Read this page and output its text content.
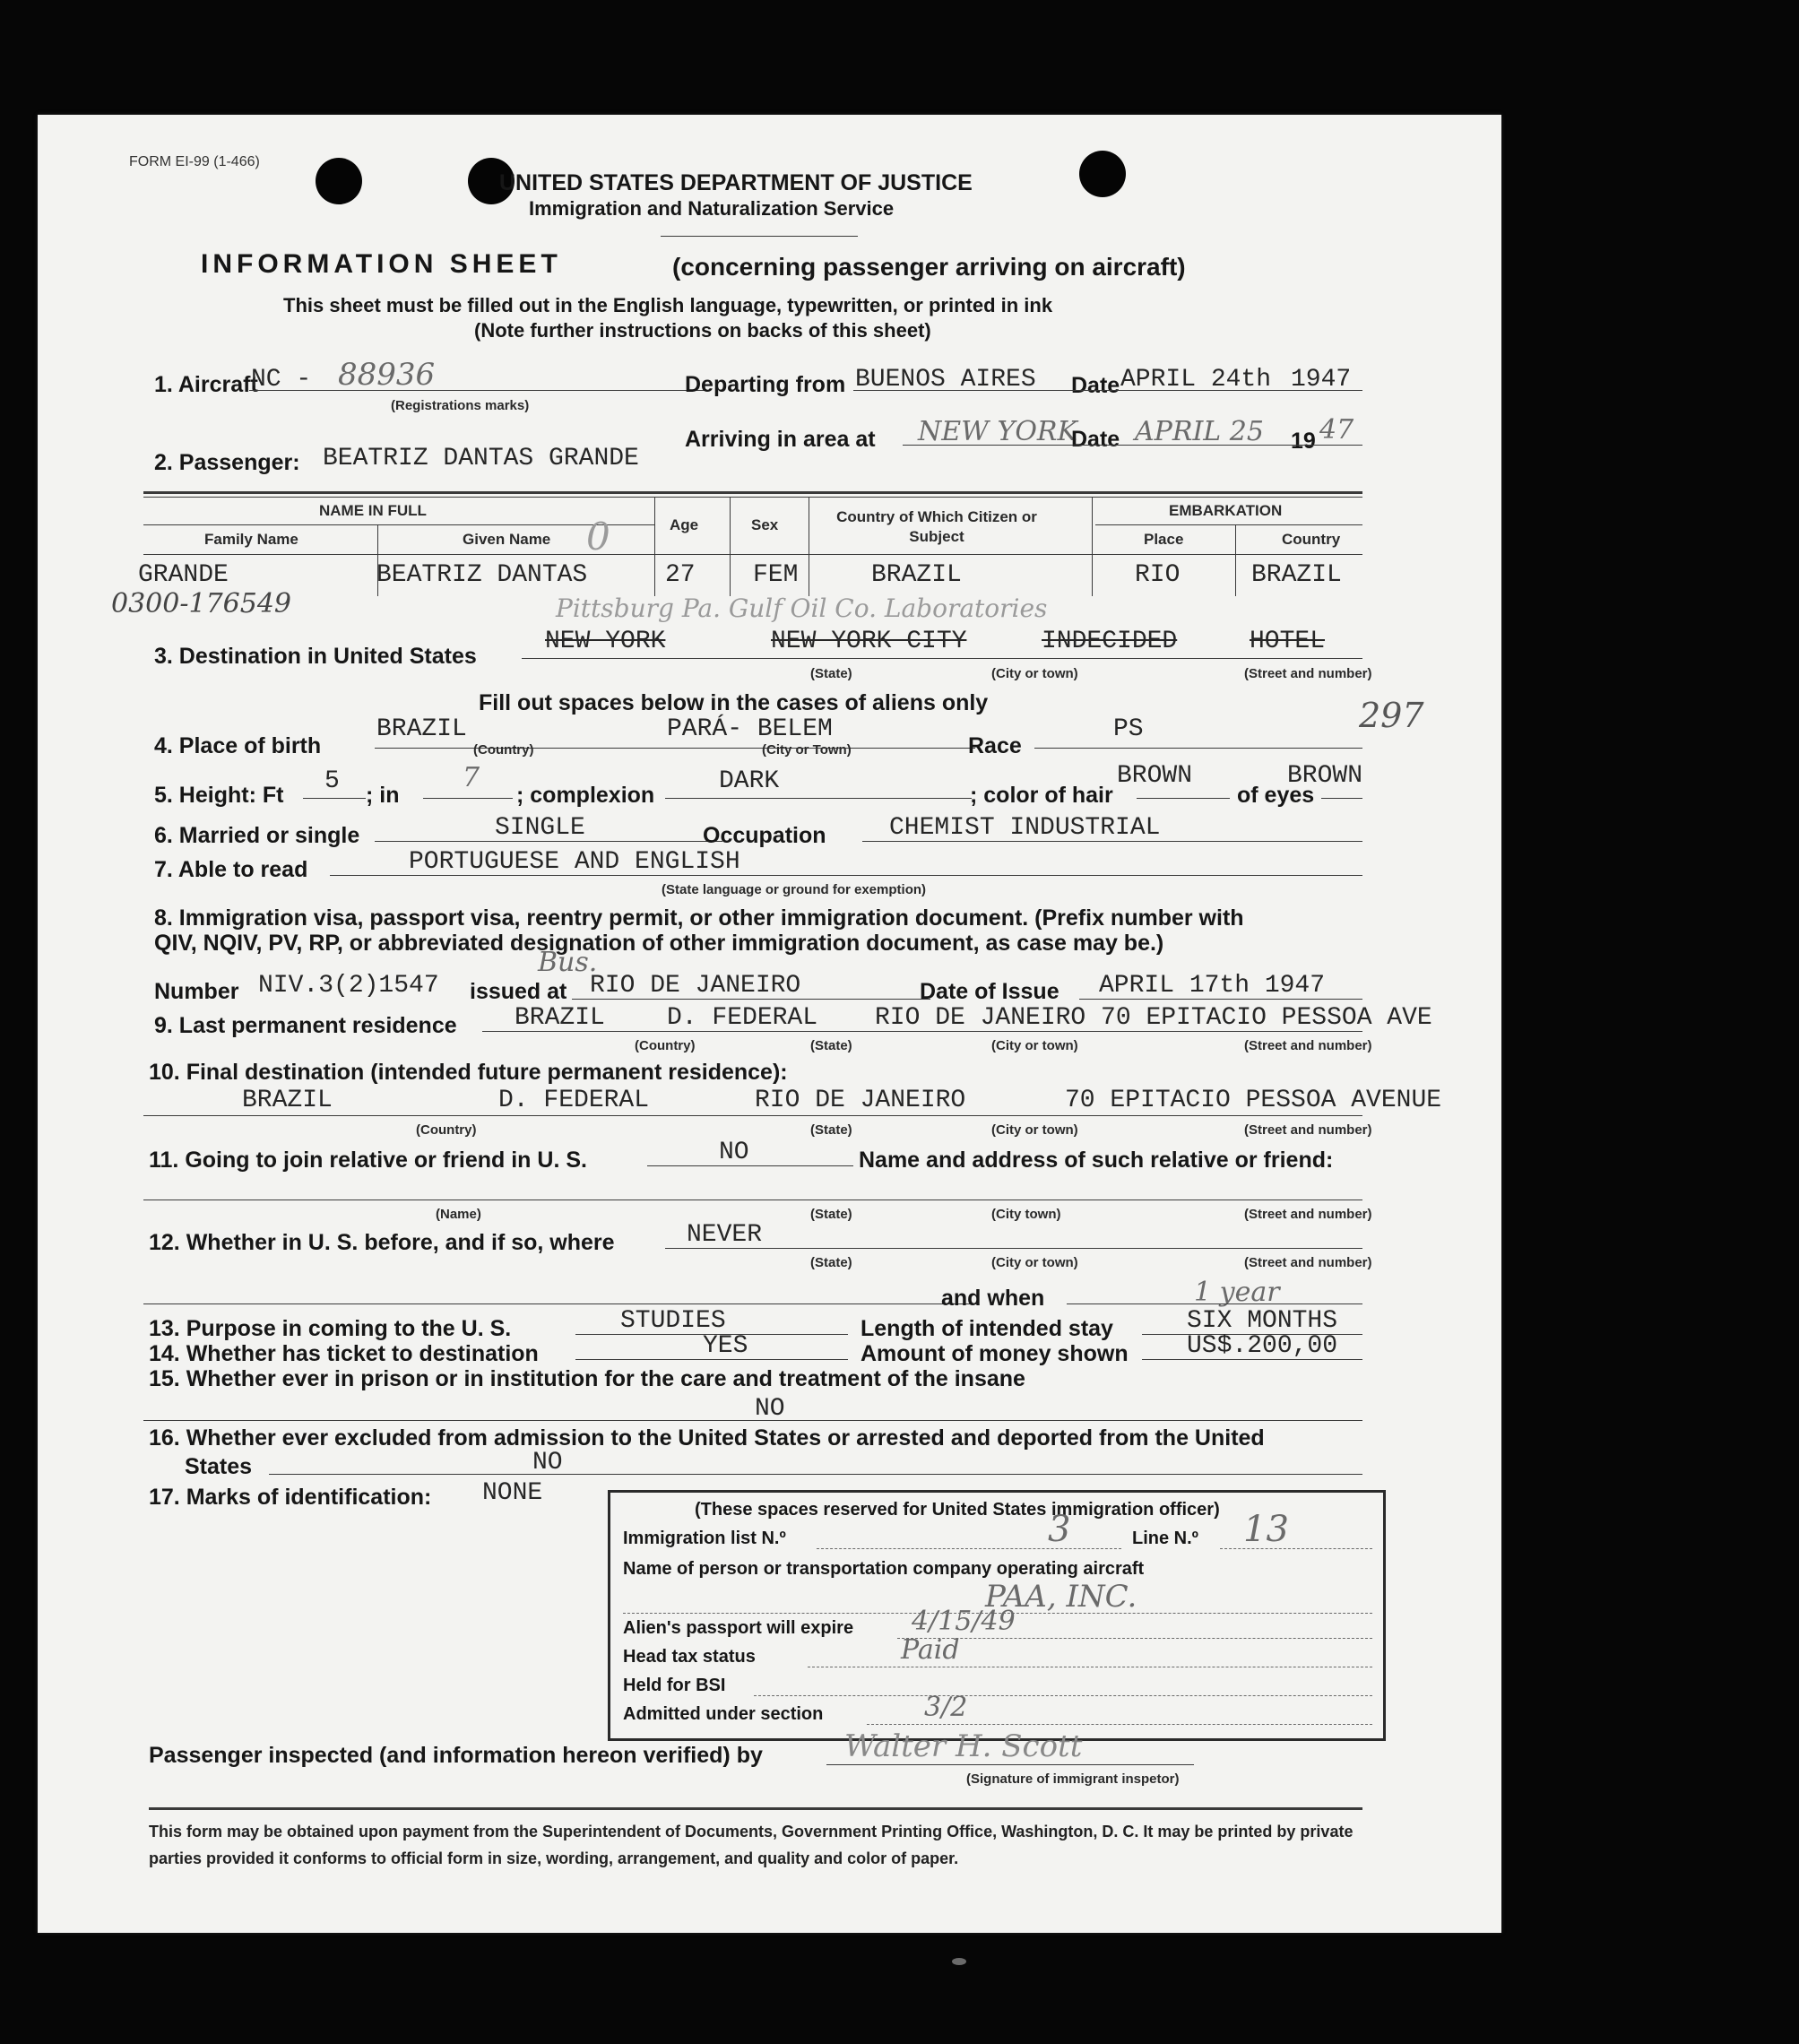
FORM EI-99 (1-466)
UNITED STATES DEPARTMENT OF JUSTICE
Immigration and Naturalization Service
INFORMATION SHEET	(concerning passenger arriving on aircraft)
This sheet must be filled out in the English language, typewritten, or printed in ink
(Note further instructions on backs of this sheet)
1. Aircraft
NC - 88936
(Registrations marks)
Departing from BUENOS AIRES Date APRIL 24th 1947
Arriving in area at NEW YORK
Date APRIL 25 19 47
2. Passenger: BEATRIZ DANTAS GRANDE
NAME IN FULL	EMBARKATION
Age	Sex	Country of Which Citizen or Subject
Family Name	Given Name	Place	Country
0
GRANDE	BEATRIZ DANTAS	27 FEM	BRAZIL	RIO	BRAZIL
0300-176549	Pittsburg Pa. Gulf Oil Co. Laboratories
3. Destination in United States
NEW YORK	NEW YORK CITY	INDECIDED	HOTEL
(State)	(City or town)	(Street and number)
Fill out spaces below in the cases of aliens only
4. Place of birth
BRAZIL	PARÁ- BELEM
(Country)	(City or Town)	Race
PS	297
5. Height: Ft 5 ; in
7
; complexion	DARK	; color of hair
BROWN
of eyes
BROWN
6. Married or single	SINGLE	Occupation	CHEMIST INDUSTRIAL
7. Able to read	PORTUGUESE AND ENGLISH
(State language or ground for exemption)
8. Immigration visa, passport visa, reentry permit, or other immigration document. (Prefix number with
QIV, NQIV, PV, RP, or abbreviated designation of other immigration document, as case may be.)
Bus.
Number NIV.3(2)1547 issued at RIO DE JANEIRO	Date of Issue APRIL 17th 1947
9. Last permanent residence BRAZIL D. FEDERAL RIO DE JANEIRO 70 EPITACIO PESSOA AVE
(Country)	(State)	(City or town)	(Street and number)
10. Final destination (intended future permanent residence):
BRAZIL	D. FEDERAL	RIO DE JANEIRO	70 EPITACIO PESSOA AVENUE
(Country)	(State)	(City or town)	(Street and number)
11. Going to join relative or friend in U. S.	NO	Name and address of such relative or friend:
(Name)	(State)	(City town)	(Street and number)
12. Whether in U. S. before, and if so, where	NEVER
(State)	(City or town)	(Street and number)
and when	1 year
13. Purpose in coming to the U. S.	STUDIES	Length of intended stay	SIX MONTHS
14. Whether has ticket to destination	YES	Amount of money shown US$.200,00
15. Whether ever in prison or in institution for the care and treatment of the insane
NO
16. Whether ever excluded from admission to the United States or arrested and deported from the United
States	NO
17. Marks of identification: NONE
(These spaces reserved for United States immigration officer)
Immigration list N.º	3	Line N.º 13
Name of person or transportation company operating aircraft
PAA, INC.
Alien's passport will expire 4/15/49
Head tax status	Paid
Held for BSI
Admitted under section	3/2
Passenger inspected (and information hereon verified) by	Walter H. Scott
(Signature of immigrant inspetor)
This form may be obtained upon payment from the Superintendent of Documents, Government Printing Office, Washington, D. C. It may be printed by private parties provided it conforms to official form in size, wording, arrangement, and quality and color of paper.
